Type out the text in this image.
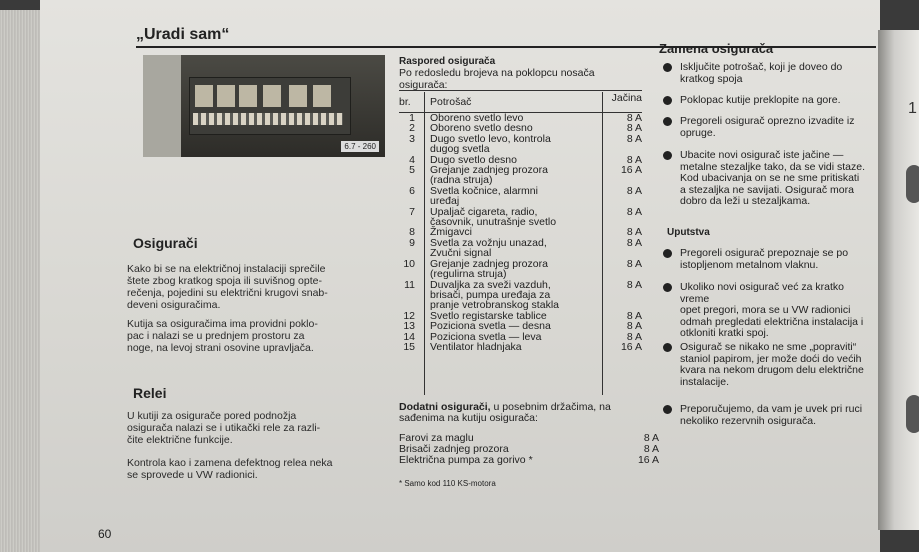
1
„Uradi sam“
6.7 - 260
Osigurači
Kako bi se na električnoj instalaciji sprečile
štete zbog kratkog spoja ili suvišnog opte-
rečenja, pojedini su električni krugovi snab-
deveni osiguračima.
Kutija sa osiguračima ima providni poklo-
pac i nalazi se u prednjem prostoru za
noge, na levoj strani osovine upravljača.
Relei
U kutiji za osigurače pored podnožja
osigurača nalazi se i utikački rele za razli-
čite električne funkcije.
Kontrola kao i zamena defektnog relea neka
se sprovede u VW radionici.
Raspored osigurača
Po redosledu brojeva na poklopcu nosača
osigurača:
br. Potrošač	Jačina
1 Oboreno svetlo levo	8 A
2 Oboreno svetlo desno	8 A
3 Dugo svetlo levo, kontrola
dugog svetla
8 A
4 Dugo svetlo desno	8 A
5 Grejanje zadnjeg prozora
(radna struja)
16 A
6 Svetla kočnice, alarmni
uređaj
8 A
7 Upaljač cigareta, radio,
časovnik, unutrašnje svetlo
8 A
8 Žmigavci	8 A
9 Svetla za vožnju unazad,
Zvučni signal
8 A
10 Grejanje zadnjeg prozora
(regulirna struja)
8 A
11 Duvaljka za sveži vazduh,
brisači, pumpa uređaja za
pranje vetrobranskog stakla
8 A
12 Svetlo registarske tablice	8 A
13 Poziciona svetla — desna	8 A
14 Poziciona svetla — leva	8 A
15 Ventilator hladnjaka	16 A
Dodatni osigurači, u posebnim držačima, na
sađenima na kutiju osigurača:
Farovi za maglu	8 A
Brisači zadnjeg prozora	8 A
Električna pumpa za gorivo *	16 A
* Samo kod 110 KS-motora
Zamena osigurača
Isključite potrošač, koji je doveo do
kratkog spoja
Poklopac kutije preklopite na gore.
Pregoreli osigurač oprezno izvadite iz
opruge.
Ubacite novi osigurač iste jačine —
metalne stezaljke tako, da se vidi staze.
Kod ubacivanja on se ne sme pritiskati
a stezaljka ne savijati. Osigurač mora
dobro da leži u stezaljkama.
Uputstva
Pregoreli osigurač prepoznaje se po
istopljenom metalnom vlaknu.
Ukoliko novi osigurač već za kratko vreme
opet pregori, mora se u VW radionici
odmah pregledati električna instalacija i
otkloniti kratki spoj.
Osigurač se nikako ne sme „popraviti“
staniol papirom, jer može doći do većih
kvara na nekom drugom delu električne
instalacije.
Preporučujemo, da vam je uvek pri ruci
nekoliko rezervnih osigurača.
60
